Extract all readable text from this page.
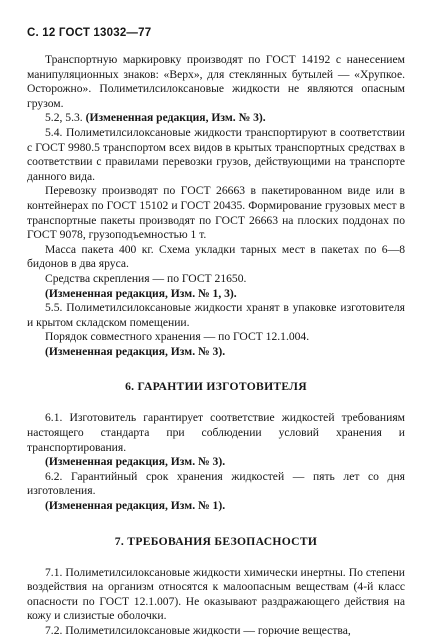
С. 12 ГОСТ 13032—77

Транспортную маркировку производят по ГОСТ 14192 с нанесением манипуляционных знаков: «Верх», для стеклянных бутылей — «Хрупкое. Осторожно». Полиметилсилоксановые жидкости не являются опасным грузом.

5.2, 5.3. (Измененная редакция, Изм. № 3).

5.4. Полиметилсилоксановые жидкости транспортируют в соответствии с ГОСТ 9980.5 транспортом всех видов в крытых транспортных средствах в соответствии с правилами перевозки грузов, действующими на транспорте данного вида.

Перевозку производят по ГОСТ 26663 в пакетированном виде или в контейнерах по ГОСТ 15102 и ГОСТ 20435. Формирование грузовых мест в транспортные пакеты производят по ГОСТ 26663 на плоских поддонах по ГОСТ 9078, грузоподъемностью 1 т.

Масса пакета 400 кг. Схема укладки тарных мест в пакетах по 6—8 бидонов в два яруса.

Средства скрепления — по ГОСТ 21650.

(Измененная редакция, Изм. № 1, 3).

5.5. Полиметилсилоксановые жидкости хранят в упаковке изготовителя и крытом складском помещении.

Порядок совместного хранения — по ГОСТ 12.1.004.

(Измененная редакция, Изм. № 3).

6. ГАРАНТИИ ИЗГОТОВИТЕЛЯ

6.1. Изготовитель гарантирует соответствие жидкостей требованиям настоящего стандарта при соблюдении условий хранения и транспортирования.

(Измененная редакция, Изм. № 3).

6.2. Гарантийный срок хранения жидкостей — пять лет со дня изготовления.

(Измененная редакция, Изм. № 1).

7. ТРЕБОВАНИЯ БЕЗОПАСНОСТИ

7.1. Полиметилсилоксановые жидкости химически инертны. По степени воздействия на организм относятся к малоопасным веществам (4-й класс опасности по ГОСТ 12.1.007). Не оказывают раздражающего действия на кожу и слизистые оболочки.

7.2. Полиметилсилоксановые жидкости — горючие вещества,
